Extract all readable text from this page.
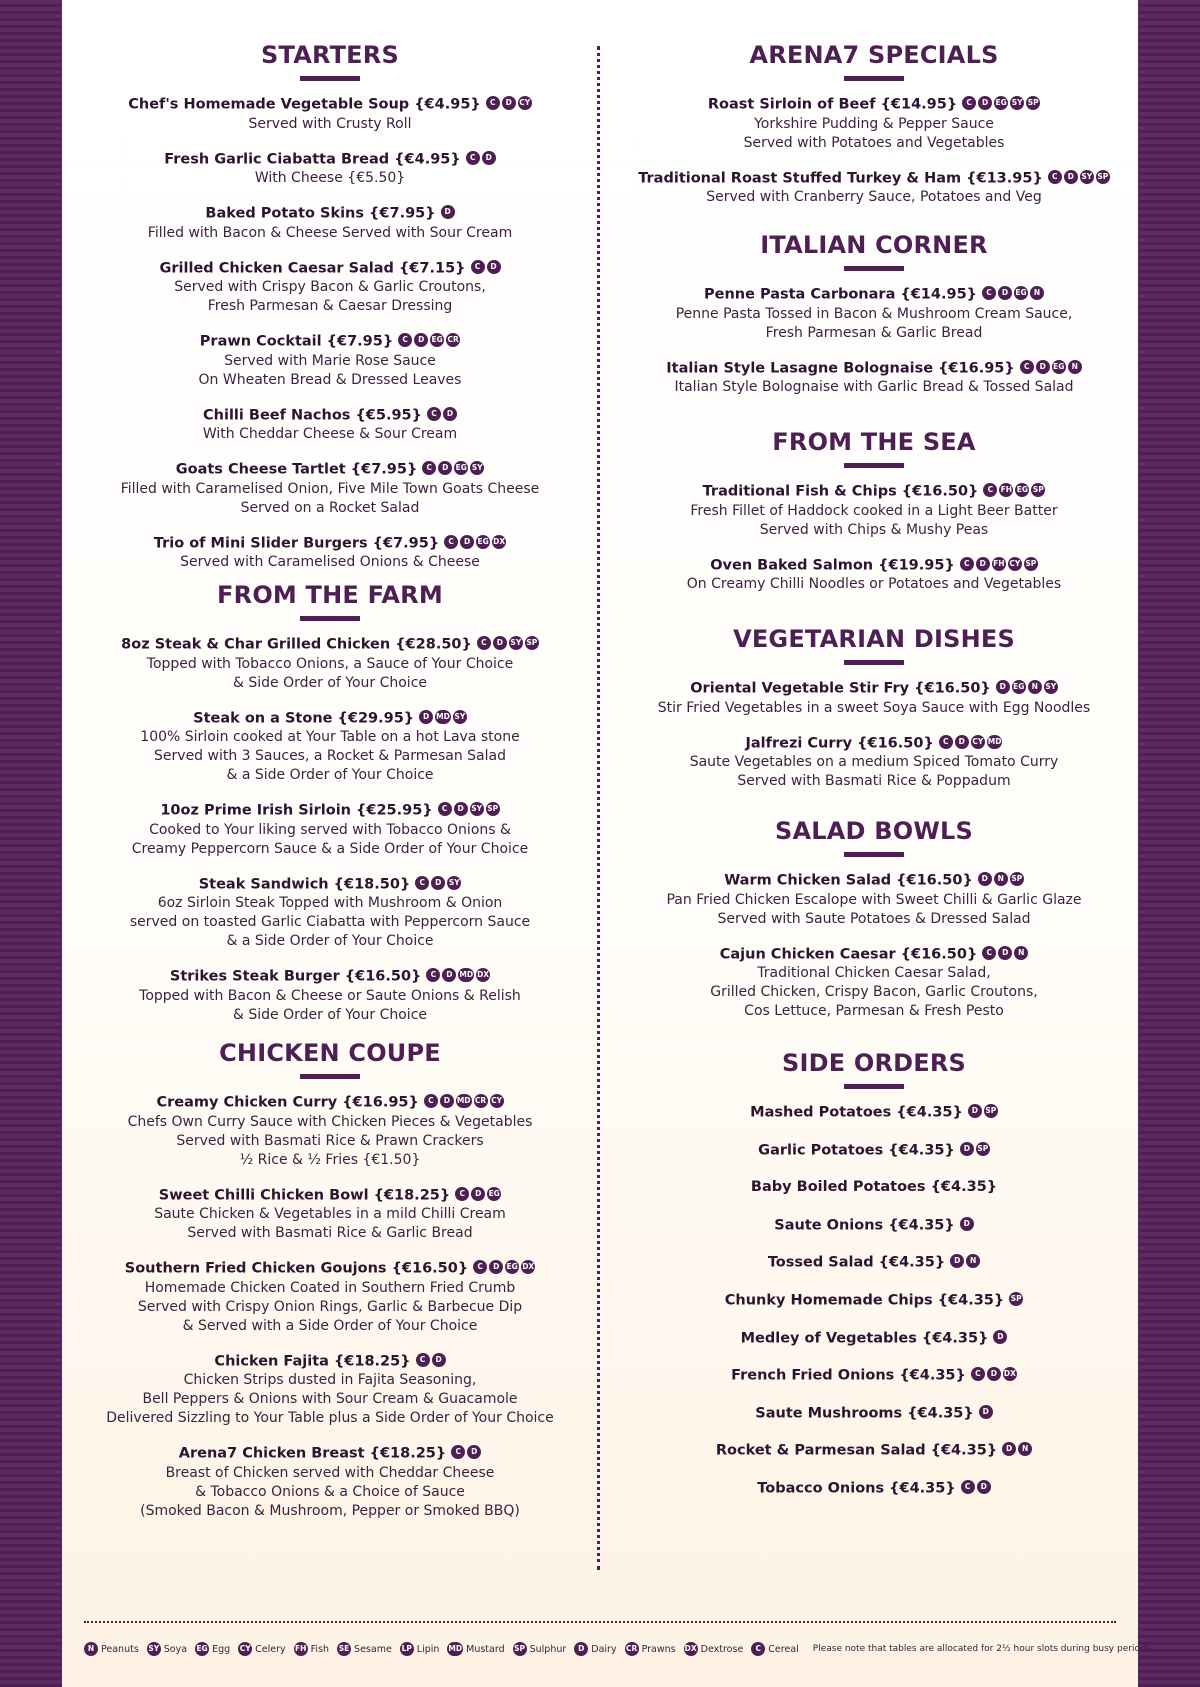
STARTERS
Chef's Homemade Vegetable Soup {€4.95} C D CY
Served with Crusty Roll
Fresh Garlic Ciabatta Bread {€4.95} C D
With Cheese {€5.50}
Baked Potato Skins {€7.95} D
Filled with Bacon & Cheese Served with Sour Cream
Grilled Chicken Caesar Salad {€7.15} C D
Served with Crispy Bacon & Garlic Croutons,
Fresh Parmesan & Caesar Dressing
Prawn Cocktail {€7.95} C D EG CR
Served with Marie Rose Sauce
On Wheaten Bread & Dressed Leaves
Chilli Beef Nachos {€5.95} C D
With Cheddar Cheese & Sour Cream
Goats Cheese Tartlet {€7.95} C D EG SY
Filled with Caramelised Onion, Five Mile Town Goats Cheese
Served on a Rocket Salad
Trio of Mini Slider Burgers {€7.95} C D EG DX
Served with Caramelised Onions & Cheese
FROM THE FARM
8oz Steak & Char Grilled Chicken {€28.50} C D SY SP
Topped with Tobacco Onions, a Sauce of Your Choice
& Side Order of Your Choice
Steak on a Stone {€29.95} D MD SY
100% Sirloin cooked at Your Table on a hot Lava stone
Served with 3 Sauces, a Rocket & Parmesan Salad
& a Side Order of Your Choice
10oz Prime Irish Sirloin {€25.95} C D SY SP
Cooked to Your liking served with Tobacco Onions &
Creamy Peppercorn Sauce & a Side Order of Your Choice
Steak Sandwich {€18.50} C D SY
6oz Sirloin Steak Topped with Mushroom & Onion
served on toasted Garlic Ciabatta with Peppercorn Sauce
& a Side Order of Your Choice
Strikes Steak Burger {€16.50} C D MD DX
Topped with Bacon & Cheese or Saute Onions & Relish
& Side Order of Your Choice
CHICKEN COUPE
Creamy Chicken Curry {€16.95} C D MD CR CY
Chefs Own Curry Sauce with Chicken Pieces & Vegetables
Served with Basmati Rice & Prawn Crackers
½ Rice & ½ Fries {€1.50}
Sweet Chilli Chicken Bowl {€18.25} C D EG
Saute Chicken & Vegetables in a mild Chilli Cream
Served with Basmati Rice & Garlic Bread
Southern Fried Chicken Goujons {€16.50} C D EG DX
Homemade Chicken Coated in Southern Fried Crumb
Served with Crispy Onion Rings, Garlic & Barbecue Dip
& Served with a Side Order of Your Choice
Chicken Fajita {€18.25} C D
Chicken Strips dusted in Fajita Seasoning,
Bell Peppers & Onions with Sour Cream & Guacamole
Delivered Sizzling to Your Table plus a Side Order of Your Choice
Arena7 Chicken Breast {€18.25} C D
Breast of Chicken served with Cheddar Cheese
& Tobacco Onions & a Choice of Sauce
(Smoked Bacon & Mushroom, Pepper or Smoked BBQ)
ARENA7 SPECIALS
Roast Sirloin of Beef {€14.95} C D EG SY SP
Yorkshire Pudding & Pepper Sauce
Served with Potatoes and Vegetables
Traditional Roast Stuffed Turkey & Ham {€13.95} C D SY SP
Served with Cranberry Sauce, Potatoes and Veg
ITALIAN CORNER
Penne Pasta Carbonara {€14.95} C D EG N
Penne Pasta Tossed in Bacon & Mushroom Cream Sauce,
Fresh Parmesan & Garlic Bread
Italian Style Lasagne Bolognaise {€16.95} C D EG N
Italian Style Bolognaise with Garlic Bread & Tossed Salad
FROM THE SEA
Traditional Fish & Chips {€16.50} C FH EG SP
Fresh Fillet of Haddock cooked in a Light Beer Batter
Served with Chips & Mushy Peas
Oven Baked Salmon {€19.95} C D FH CY SP
On Creamy Chilli Noodles or Potatoes and Vegetables
VEGETARIAN DISHES
Oriental Vegetable Stir Fry {€16.50} D EG N SY
Stir Fried Vegetables in a sweet Soya Sauce with Egg Noodles
Jalfrezi Curry {€16.50} C D CY MD
Saute Vegetables on a medium Spiced Tomato Curry
Served with Basmati Rice & Poppadum
SALAD BOWLS
Warm Chicken Salad {€16.50} D N SP
Pan Fried Chicken Escalope with Sweet Chilli & Garlic Glaze
Served with Saute Potatoes & Dressed Salad
Cajun Chicken Caesar {€16.50} C D N
Traditional Chicken Caesar Salad,
Grilled Chicken, Crispy Bacon, Garlic Croutons,
Cos Lettuce, Parmesan & Fresh Pesto
SIDE ORDERS
Mashed Potatoes {€4.35} D SP
Garlic Potatoes {€4.35} D SP
Baby Boiled Potatoes {€4.35}
Saute Onions {€4.35} D
Tossed Salad {€4.35} D N
Chunky Homemade Chips {€4.35} SP
Medley of Vegetables {€4.35} D
French Fried Onions {€4.35} C D DX
Saute Mushrooms {€4.35} D
Rocket & Parmesan Salad {€4.35} D N
Tobacco Onions {€4.35} C D
N Peanuts SY Soya EG Egg CY Celery FH Fish SE Sesame LP Lipin MD Mustard SP Sulphur	D Dairy CR Prawns DX Dextrose	C Cereal Please note that tables are allocated for 2½ hour slots during busy periods
